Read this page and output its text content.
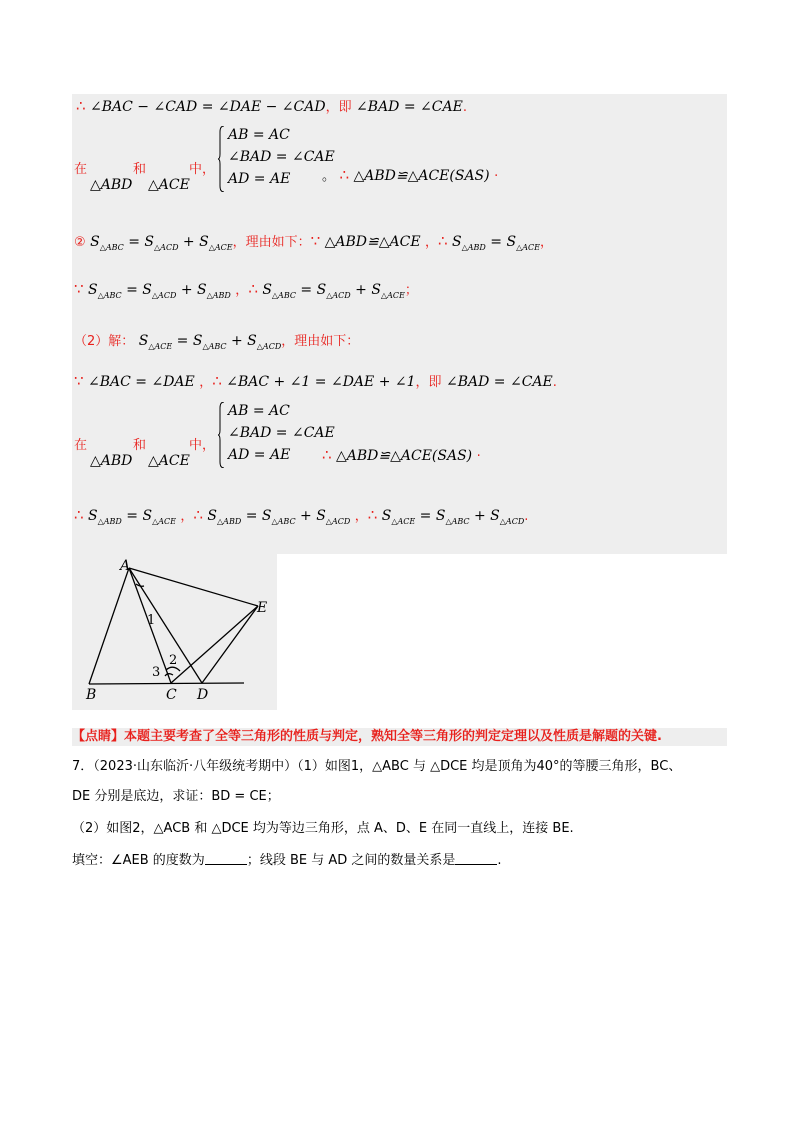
∴ ∠BAC − ∠CAD = ∠DAE − ∠CAD，即 ∠BAD = ∠CAE.
在	和	中，
△ABD △ACE
AB = AC
∠BAD = ∠CAE
AD = AE 。 ∴ △ABD≌△ACE(SAS) ·
② $S_{\triangle ABC} = S_{\triangle ACD} + S_{\triangle ACE}$，理由如下：∵ △ABD≌△ACE ，∴ $S_{\triangle ABD} = S_{\triangle ACE}$，
∵ $S_{\triangle ABC} = S_{\triangle ACD} + S_{\triangle ABD}$ ，∴ $S_{\triangle ABC} = S_{\triangle ACD} + S_{\triangle ACE}$；
（2）解： $S_{\triangle ACE} = S_{\triangle ABC} + S_{\triangle ACD}$，理由如下：
∵ ∠BAC = ∠DAE ，∴ ∠BAC + ∠1 = ∠DAE + ∠1，即 ∠BAD = ∠CAE.
在	和	中，
△ABD △ACE
AB = AC
∠BAD = ∠CAE
AD = AE ∴ △ABD≌△ACE(SAS) ·
∴ $S_{\triangle ABD} = S_{\triangle ACE}$ ，∴ $S_{\triangle ABD} = S_{\triangle ABC} + S_{\triangle ACD}$ ，∴ $S_{\triangle ACE} = S_{\triangle ABC} + S_{\triangle ACD}$.
A
B	C D
E
1
2
3
【点睛】本题主要考查了全等三角形的性质与判定，熟知全等三角形的判定定理以及性质是解题的关键.
7．（2023·山东临沂·八年级统考期中）（1）如图1，△ABC 与 △DCE 均是顶角为40°的等腰三角形，BC、
DE 分别是底边，求证：BD = CE；
（2）如图2，△ACB 和 △DCE 均为等边三角形，点 A、D、E 在同一直线上，连接 BE.
填空：∠AEB 的度数为	；线段 BE 与 AD 之间的数量关系是	.
